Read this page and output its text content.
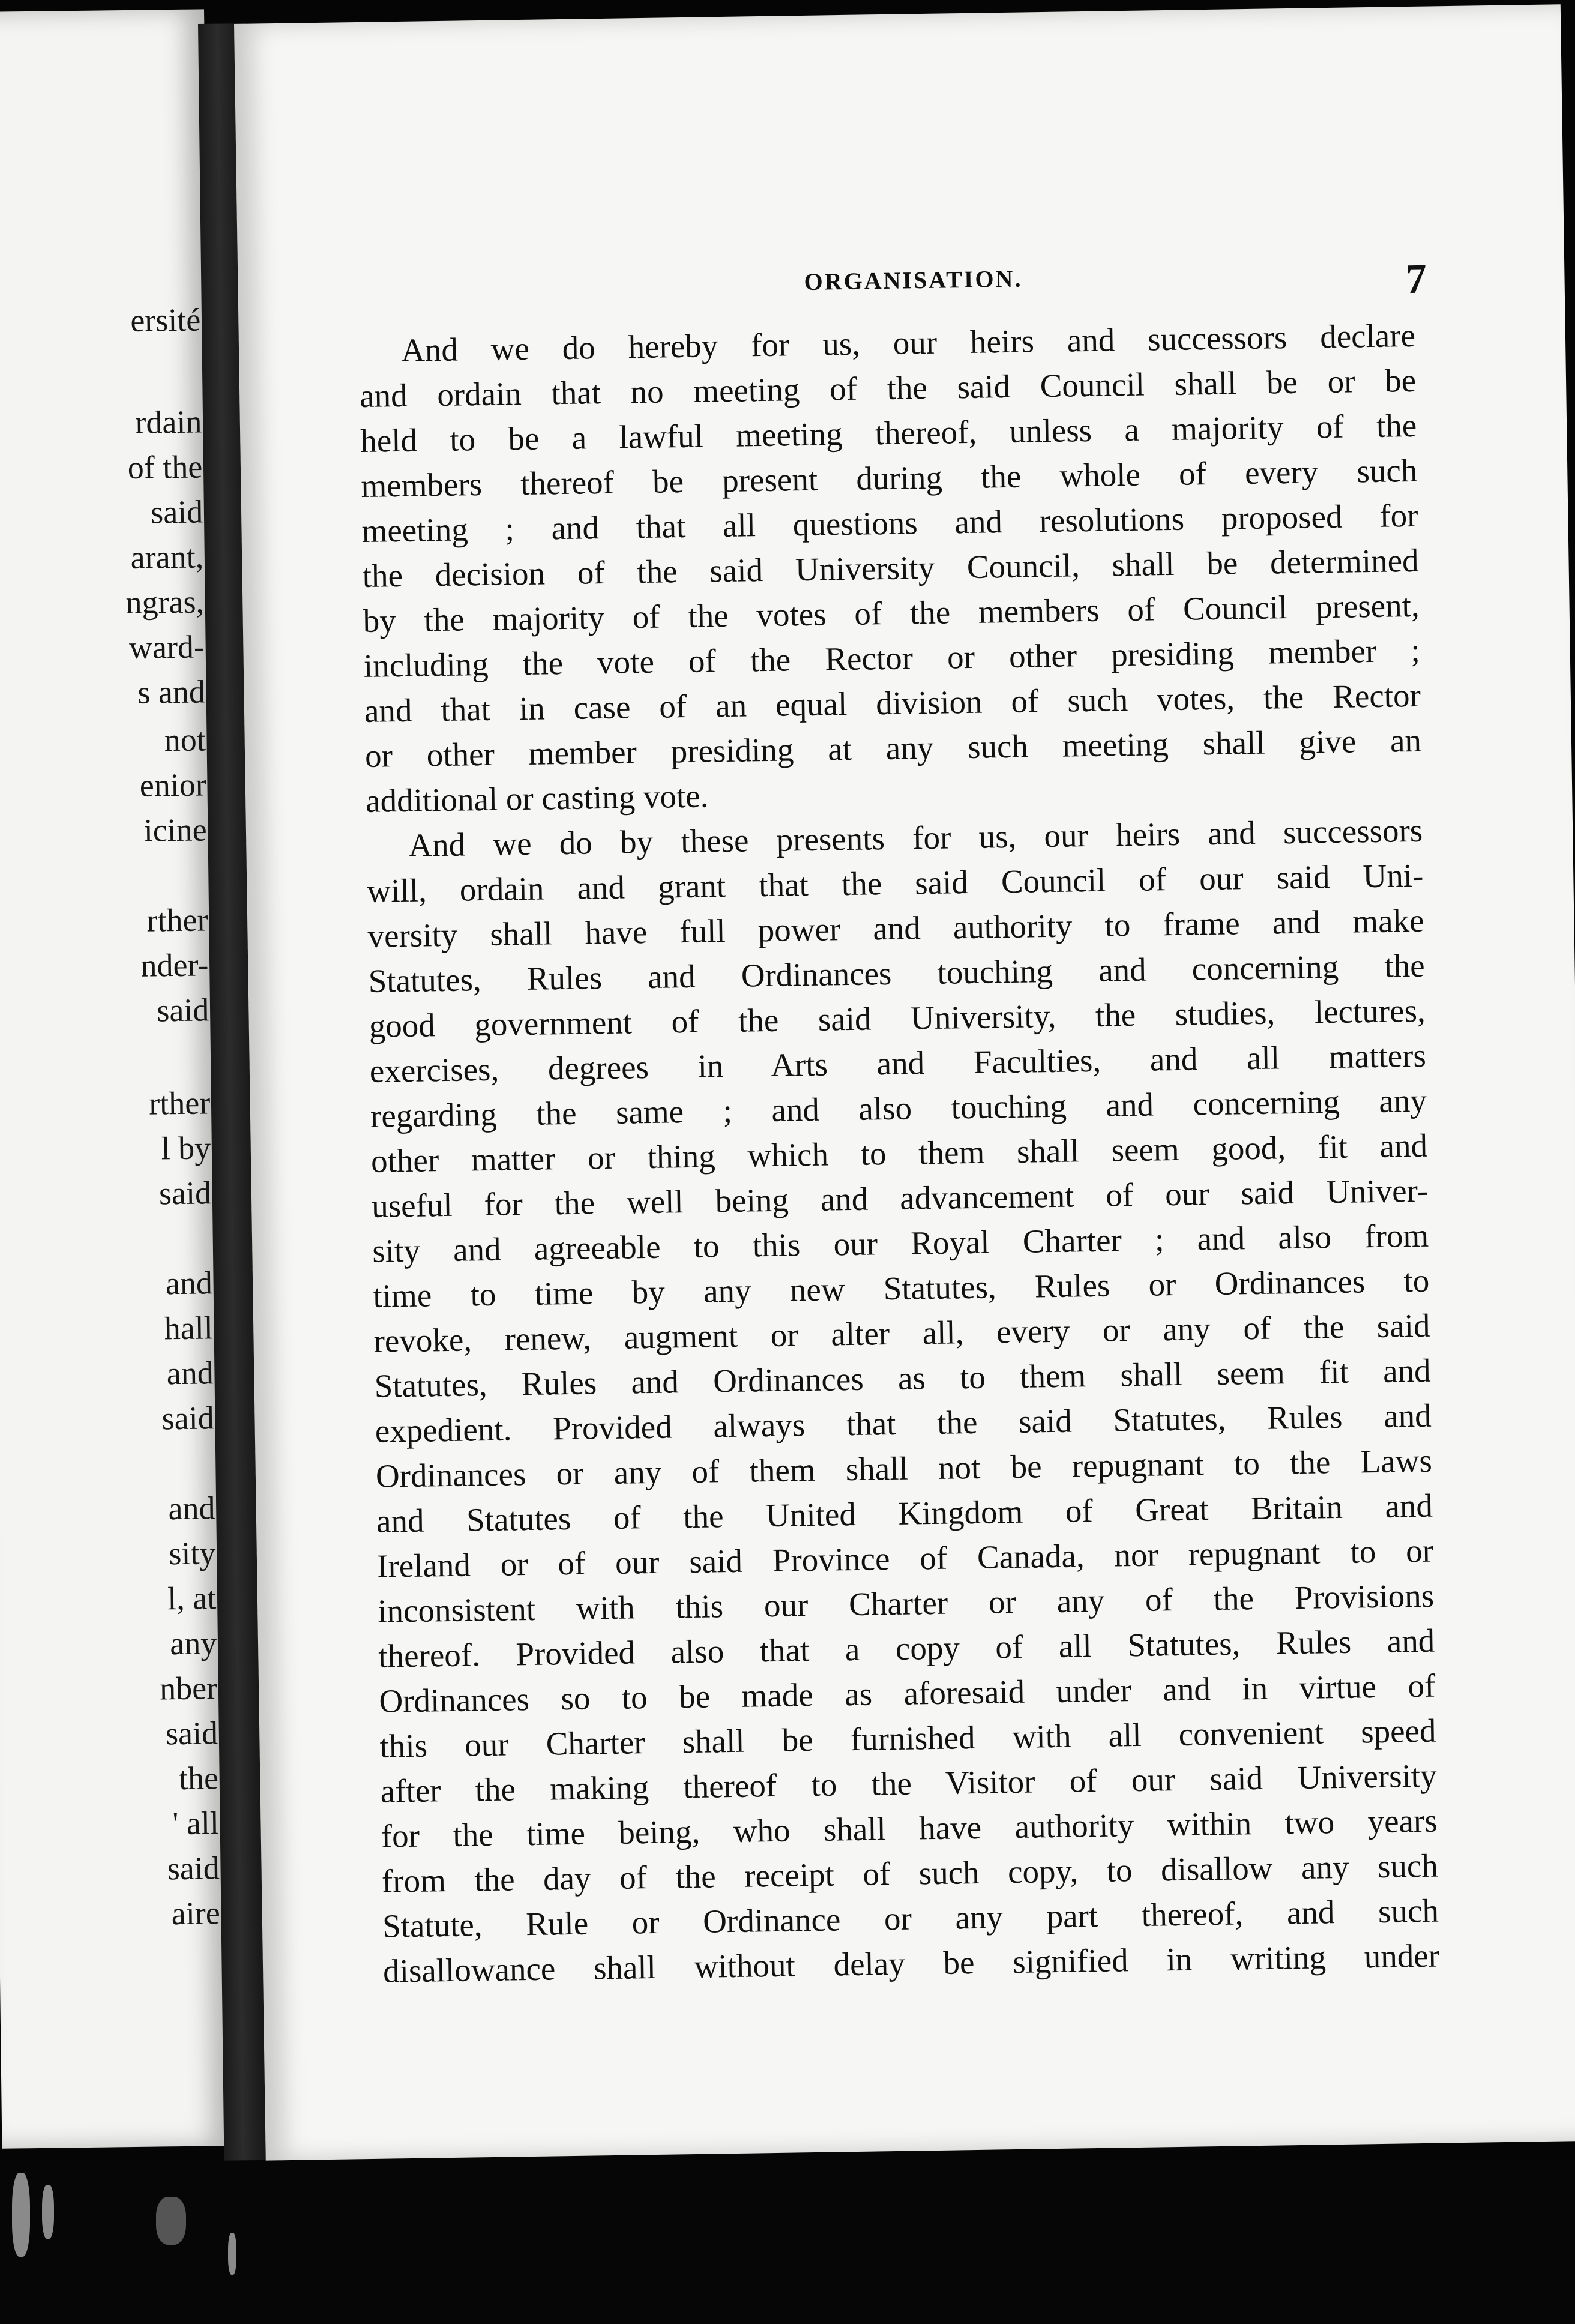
ersité
rdain
of the
said
arant,
ngras,
ward-
s and
not
enior
icine
rther
nder-
said
rther
l by
said
and
hall
and
said
and
sity
l, at
any
nber
said
the
' all
said
aire
ORGANISATION.	7
And we do hereby for us, our heirs and successors declare
and ordain that no meeting of the said Council shall be or be
held to be a lawful meeting thereof, unless a majority of the
members thereof be present during the whole of every such
meeting ; and that all questions and resolutions proposed for
the decision of the said University Council, shall be determined
by the majority of the votes of the members of Council present,
including the vote of the Rector or other presiding member ;
and that in case of an equal division of such votes, the Rector
or other member presiding at any such meeting shall give an
additional or casting vote.
And we do by these presents for us, our heirs and successors
will, ordain and grant that the said Council of our said Uni-
versity shall have full power and authority to frame and make
Statutes, Rules and Ordinances touching and concerning the
good government of the said University, the studies, lectures,
exercises, degrees in Arts and Faculties, and all matters
regarding the same ; and also touching and concerning any
other matter or thing which to them shall seem good, fit and
useful for the well being and advancement of our said Univer-
sity and agreeable to this our Royal Charter ; and also from
time to time by any new Statutes, Rules or Ordinances to
revoke, renew, augment or alter all, every or any of the said
Statutes, Rules and Ordinances as to them shall seem fit and
expedient. Provided always that the said Statutes, Rules and
Ordinances or any of them shall not be repugnant to the Laws
and Statutes of the United Kingdom of Great Britain and
Ireland or of our said Province of Canada, nor repugnant to or
inconsistent with this our Charter or any of the Provisions
thereof. Provided also that a copy of all Statutes, Rules and
Ordinances so to be made as aforesaid under and in virtue of
this our Charter shall be furnished with all convenient speed
after the making thereof to the Visitor of our said University
for the time being, who shall have authority within two years
from the day of the receipt of such copy, to disallow any such
Statute, Rule or Ordinance or any part thereof, and such
disallowance shall without delay be signified in writing under
